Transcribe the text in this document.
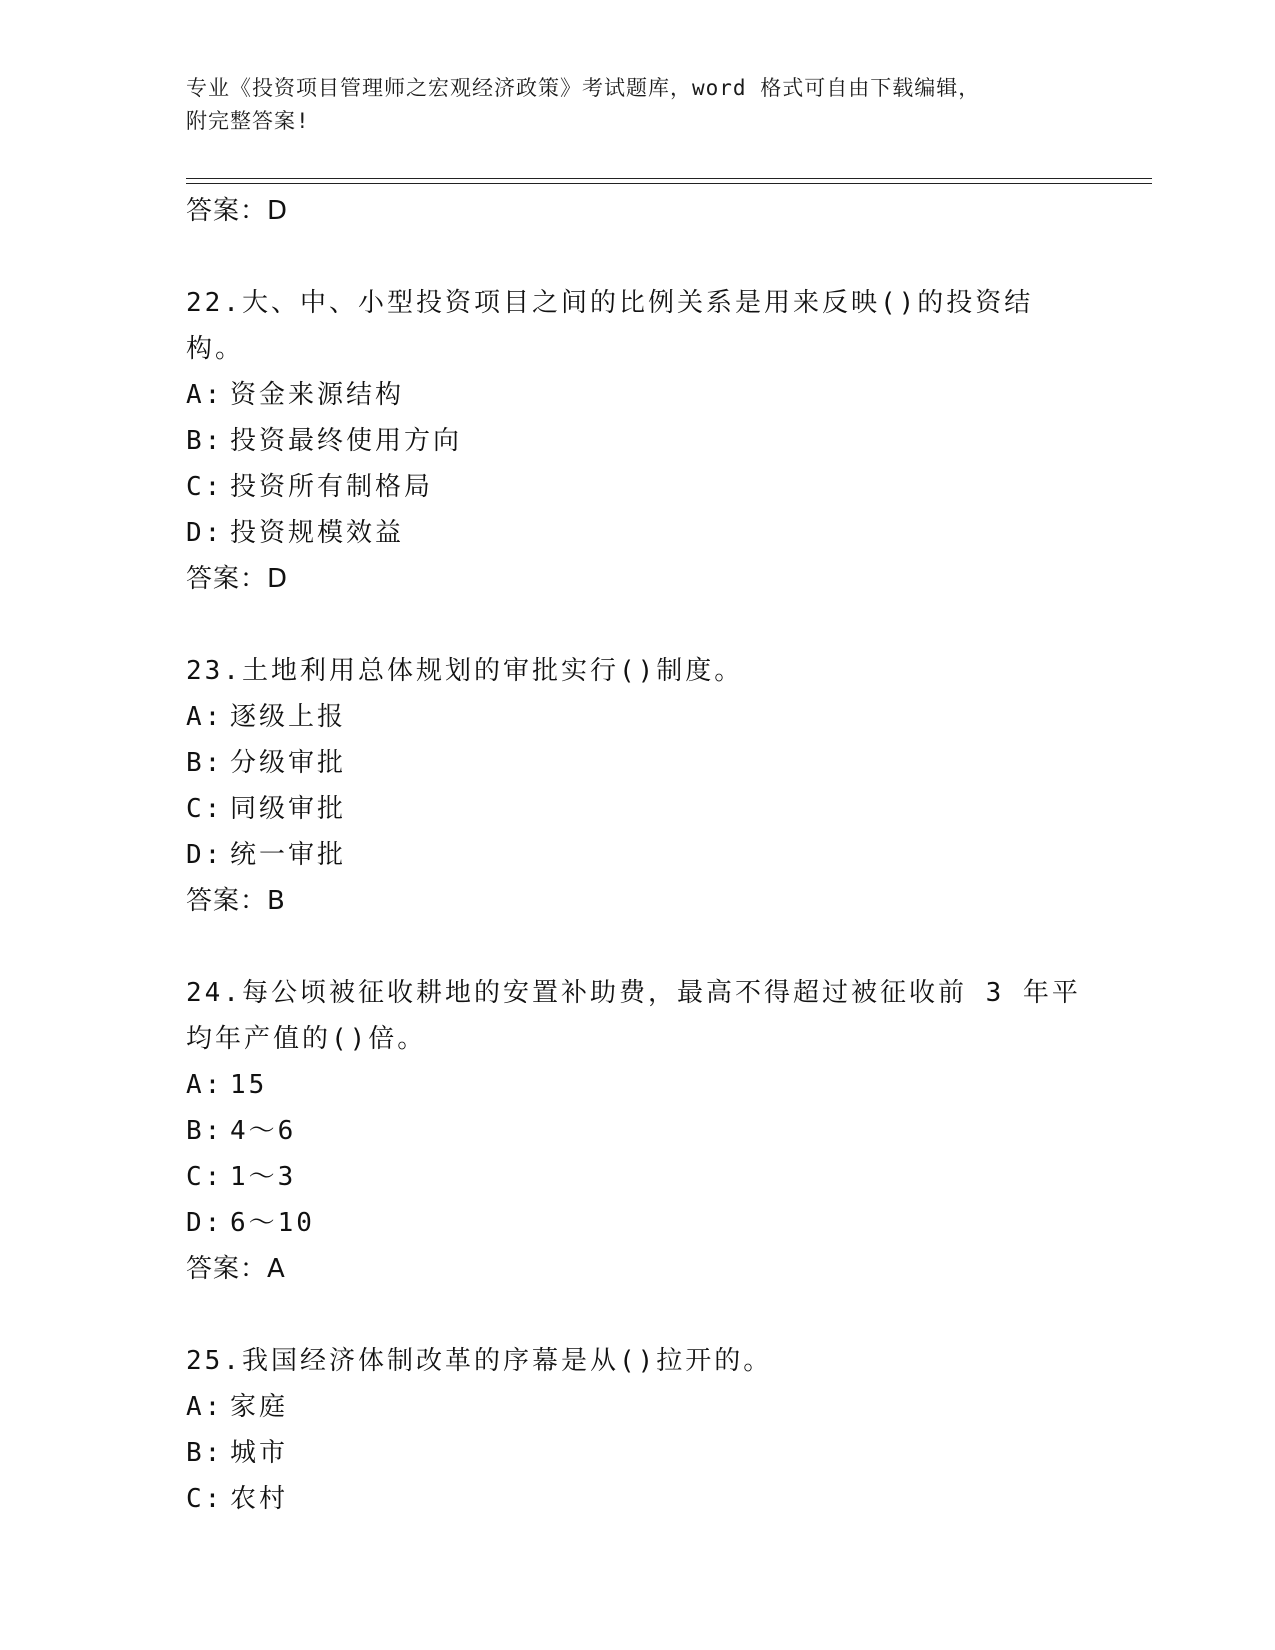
专业《投资项目管理师之宏观经济政策》考试题库，word 格式可自由下载编辑，
附完整答案!
答案：D
22.大、中、小型投资项目之间的比例关系是用来反映()的投资结构。
A: 资金来源结构
B: 投资最终使用方向
C: 投资所有制格局
D: 投资规模效益
答案：D
23.土地利用总体规划的审批实行()制度。
A: 逐级上报
B: 分级审批
C: 同级审批
D: 统一审批
答案：B
24.每公顷被征收耕地的安置补助费，最高不得超过被征收前 3 年平均年产值的()倍。
A: 15
B: 4～6
C: 1～3
D: 6～10
答案：A
25.我国经济体制改革的序幕是从()拉开的。
A: 家庭
B: 城市
C: 农村
